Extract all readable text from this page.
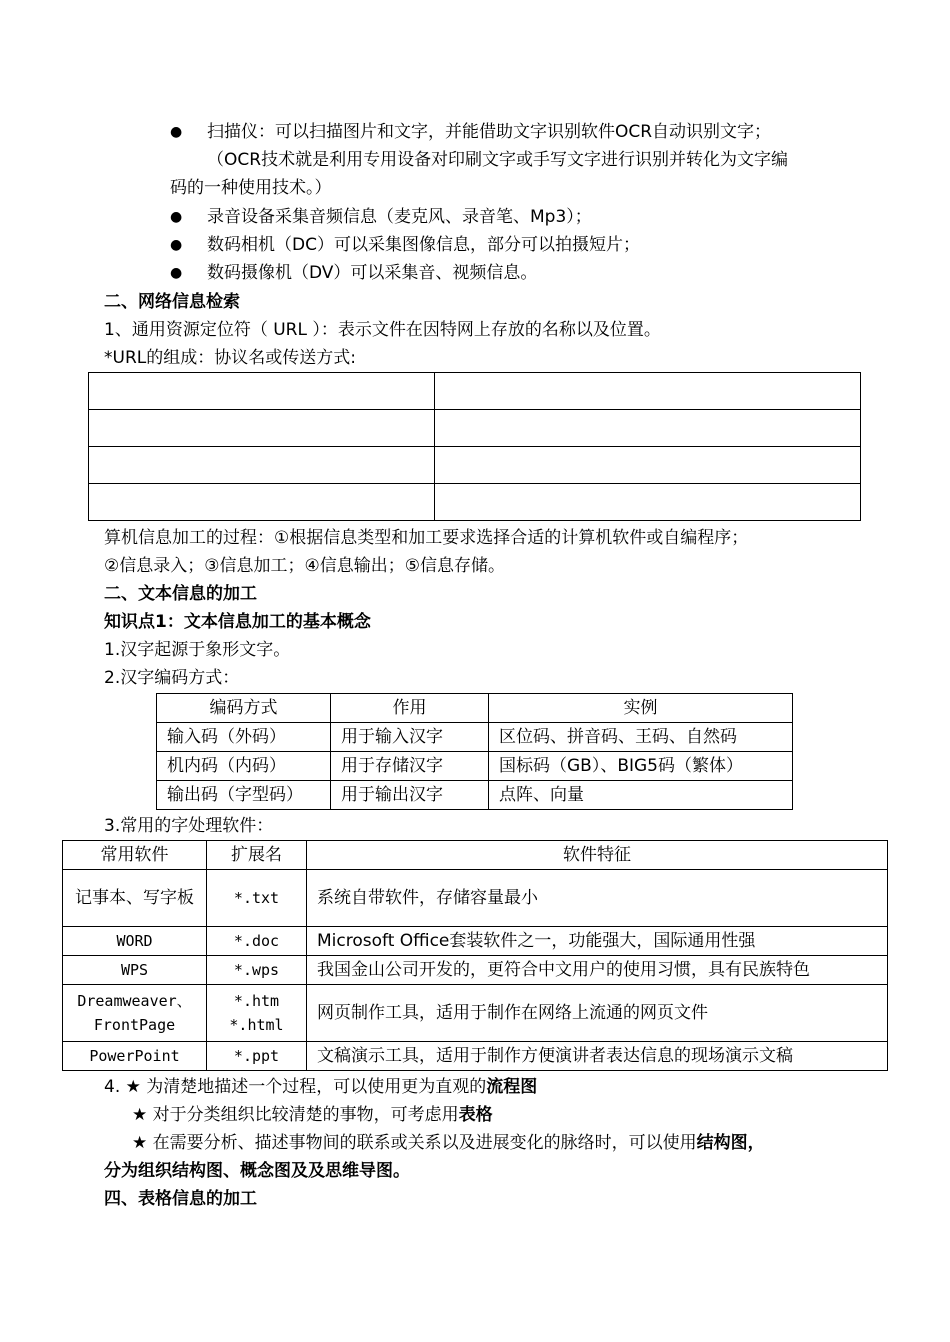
● 扫描仪：可以扫描图片和文字，并能借助文字识别软件OCR自动识别文字；
（OCR技术就是利用专用设备对印刷文字或手写文字进行识别并转化为文字编
码的一种使用技术。）
● 录音设备采集音频信息（麦克风、录音笔、Mp3）；
● 数码相机（DC）可以采集图像信息，部分可以拍摄短片；
● 数码摄像机（DV）可以采集音、视频信息。
二、网络信息检索
1、通用资源定位符（ URL ）：表示文件在因特网上存放的名称以及位置。
*URL的组成：协议名或传送方式:

算机信息加工的过程：①根据信息类型和加工要求选择合适的计算机软件或自编程序；
②信息录入；③信息加工；④信息输出；⑤信息存储。
二、文本信息的加工
知识点1：文本信息加工的基本概念
1.汉字起源于象形文字。
2.汉字编码方式：
编码方式	作用	实例
输入码（外码）	用于输入汉字	区位码、拼音码、王码、自然码
机内码（内码）	用于存储汉字	国标码（GB）、BIG5码（繁体）
输出码（字型码）	用于输出汉字	点阵、向量
3.常用的字处理软件：
常用软件	扩展名	软件特征
记事本、写字板	*.txt	系统自带软件，存储容量最小
WORD	*.doc	Microsoft Office套装软件之一，功能强大，国际通用性强
WPS	*.wps	我国金山公司开发的，更符合中文用户的使用习惯，具有民族特色
Dreamweaver、FrontPage	*.htm *.html	网页制作工具，适用于制作在网络上流通的网页文件
PowerPoint	*.ppt	文稿演示工具，适用于制作方便演讲者表达信息的现场演示文稿
4. ★ 为清楚地描述一个过程，可以使用更为直观的流程图
★ 对于分类组织比较清楚的事物，可考虑用表格
★ 在需要分析、描述事物间的联系或关系以及进展变化的脉络时，可以使用结构图，
分为组织结构图、概念图及及思维导图。
四、表格信息的加工
